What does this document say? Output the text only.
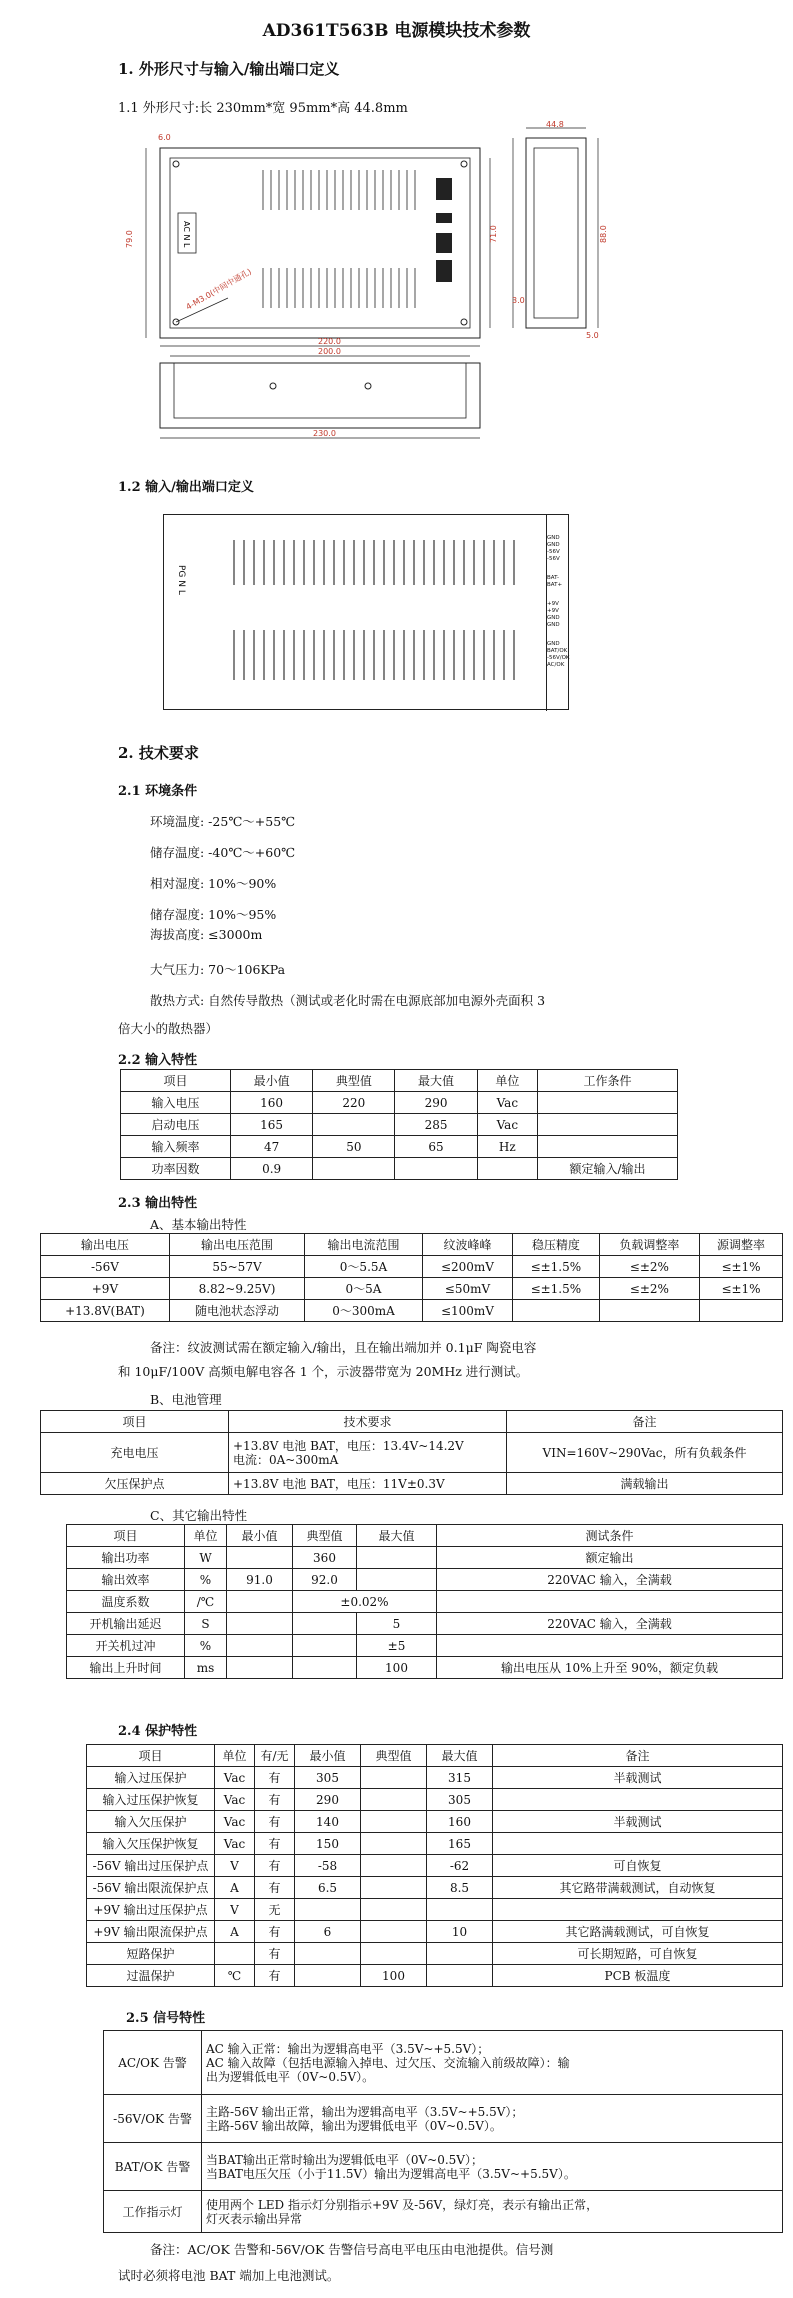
AD361T563B 电源模块技术参数
1. 外形尺寸与输入/输出端口定义
1.1 外形尺寸:长 230mm*宽 95mm*高 44.8mm
AC N L
79.0
4-M3.0(中间中通孔)
220.0
200.0
71.0
6.0
230.0
44.8
88.0
3.0
5.0
1.2 输入/输出端口定义
PG N L
GND
GND
-56V
-56V
BAT-
BAT+
+9V
+9V
GND
GND
GND
BAT/OK
-56V/OK
AC/OK
2. 技术要求
2.1 环境条件
环境温度: -25℃～+55℃
储存温度: -40℃～+60℃
相对湿度: 10%～90%
储存湿度: 10%～95%
海拔高度: ≤3000m
大气压力: 70～106KPa
散热方式: 自然传导散热（测试或老化时需在电源底部加电源外壳面积 3
倍大小的散热器）
2.2 输入特性
项目	最小值	典型值	最大值	单位	工作条件
输入电压	160	220	290	Vac	
启动电压	165		285	Vac	
输入频率	47	50	65	Hz	
功率因数	0.9				额定输入/输出
2.3 输出特性
A、基本输出特性
输出电压	输出电压范围	输出电流范围	纹波峰峰	稳压精度	负载调整率	源调整率
-56V	55~57V	0～5.5A	≤200mV	≤±1.5%	≤±2%	≤±1%
+9V	8.82~9.25V)	0～5A	≤50mV	≤±1.5%	≤±2%	≤±1%
+13.8V(BAT)	随电池状态浮动	0～300mA	≤100mV			
备注：纹波测试需在额定输入/输出，且在输出端加并 0.1μF 陶瓷电容
和 10μF/100V 高频电解电容各 1 个，示波器带宽为 20MHz 进行测试。
B、电池管理
项目	技术要求	备注
充电电压	+13.8V 电池 BAT，电压：13.4V~14.2V
电流：0A~300mA	VIN=160V~290Vac，所有负载条件
欠压保护点	+13.8V 电池 BAT，电压：11V±0.3V	满载输出
C、其它输出特性
项目	单位	最小值	典型值	最大值	测试条件
输出功率	W		360		额定输出
输出效率	%	91.0	92.0		220VAC 输入，全满载
温度系数	/℃		±0.02%		
开机输出延迟	S			5	220VAC 输入，全满载
开关机过冲	%			±5	
输出上升时间	ms			100	输出电压从 10%上升至 90%，额定负载
2.4 保护特性
项目	单位	有/无	最小值	典型值	最大值	备注
输入过压保护	Vac	有	305		315	半载测试
输入过压保护恢复	Vac	有	290		305	
输入欠压保护	Vac	有	140		160	半载测试
输入欠压保护恢复	Vac	有	150		165	
-56V 输出过压保护点	V	有	-58		-62	可自恢复
-56V 输出限流保护点	A	有	6.5		8.5	其它路带满载测试，自动恢复
+9V 输出过压保护点	V	无				
+9V 输出限流保护点	A	有	6		10	其它路满载测试，可自恢复
短路保护		有				可长期短路，可自恢复
过温保护	℃	有		100		PCB 板温度
2.5 信号特性
AC/OK 告警	AC 输入正常：输出为逻辑高电平（3.5V~+5.5V）；
AC 输入故障（包括电源输入掉电、过欠压、交流输入前级故障）：输
出为逻辑低电平（0V~0.5V）。

-56V/OK 告警	主路-56V 输出正常，输出为逻辑高电平（3.5V~+5.5V）；
主路-56V 输出故障，输出为逻辑低电平（0V~0.5V）。

BAT/OK 告警	当BAT输出正常时输出为逻辑低电平（0V~0.5V）；
当BAT电压欠压（小于11.5V）输出为逻辑高电平（3.5V~+5.5V）。

工作指示灯	使用两个 LED 指示灯分别指示+9V 及-56V，绿灯亮，表示有输出正常，
灯灭表示输出异常
备注：AC/OK 告警和-56V/OK 告警信号高电平电压由电池提供。信号测
试时必须将电池 BAT 端加上电池测试。
